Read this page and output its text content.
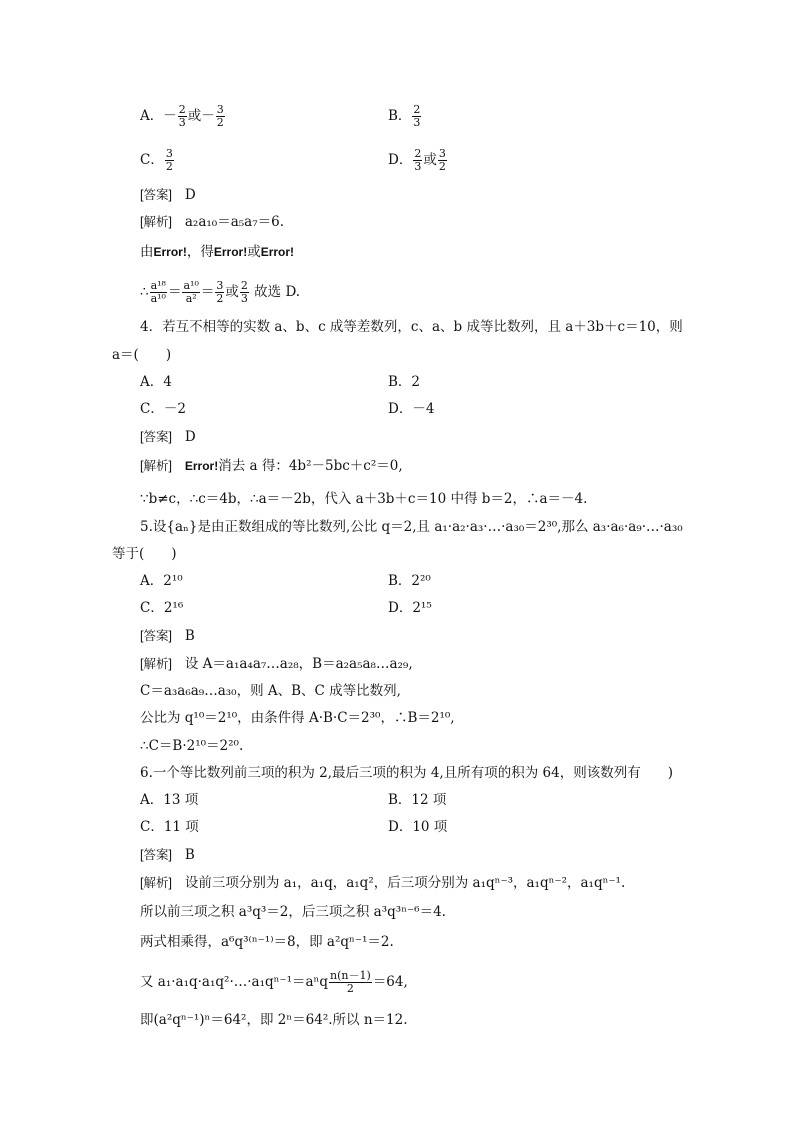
A．－ $\frac{2}{3}$ 或－ $\frac{3}{2}$	B． $\frac{2}{3}$
C． $\frac{3}{2}$	D． $\frac{2}{3}$ 或 $\frac{3}{2}$
[ 答案 ] D
[ 解析 ] a₂a₁₀＝a₅a₇＝6.
由Error!，得Error!或Error!
∴ $\frac{\text{a¹⁸}}{\text{a¹⁰}} = \frac{\text{a¹⁰}}{\text{a²}} = \frac{3}{2}$ 或 $\frac{2}{3}$ 故选 D.
4．若互不相等的实数 a、b、c 成等差数列，c、a、b 成等比数列，且 a＋3b＋c＝10，则
a＝(　　)
A．4	B．2
C．－2	D．－4
[ 答案 ] D
[ 解析 ] Error!消去 a 得：4b²－5bc＋c²＝0,
∵b≠c，∴c＝4b，∴a＝－2b，代入 a＋3b＋c＝10 中得 b＝2，∴a＝－4.
5.设{aₙ}是由正数组成的等比数列,公比 q＝2,且 a₁·a₂·a₃·…·a₃₀＝2³⁰,那么 a₃·a₆·a₉·…·a₃₀
等于(　　)
A．2¹⁰	B．2²⁰
C．2¹⁶	D．2¹⁵
[ 答案 ] B
[ 解析 ] 设 A＝a₁a₄a₇…a₂₈，B＝a₂a₅a₈…a₂₉,
C＝a₃a₆a₉…a₃₀，则 A、B、C 成等比数列,
公比为 q¹⁰＝2¹⁰，由条件得 A·B·C＝2³⁰，∴B＝2¹⁰,
∴C＝B·2¹⁰＝2²⁰.
6.一个等比数列前三项的积为 2,最后三项的积为 4,且所有项的积为 64，则该数列有　　)
A．13 项	B．12 项
C．11 项	D．10 项
[ 答案 ] B
[ 解析 ] 设前三项分别为 a₁，a₁q，a₁q²，后三项分别为 a₁qⁿ⁻³，a₁qⁿ⁻²，a₁qⁿ⁻¹.
所以前三项之积 a³q³＝2，后三项之积 a³q³ⁿ⁻⁶＝4.
两式相乘得，a⁶q³⁽ⁿ⁻¹⁾＝8，即 a²qⁿ⁻¹＝2.
又 a₁·a₁q·a₁q²·…·a₁qⁿ⁻¹＝aⁿq $\frac{n(n-1)}{2} =64$,
即(a²qⁿ⁻¹)ⁿ＝64²，即 2ⁿ＝64².所以 n＝12.
